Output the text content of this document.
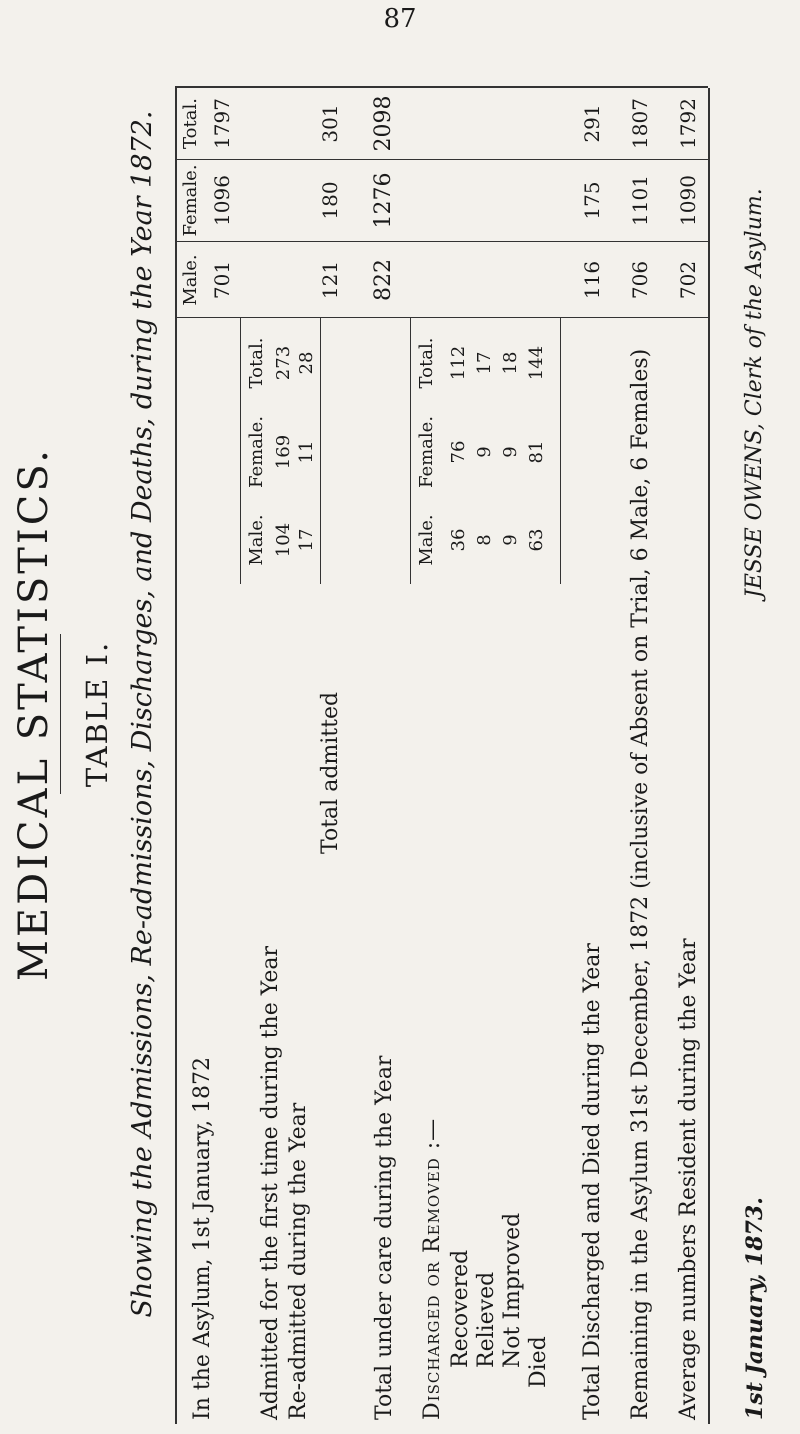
87
MEDICAL STATISTICS. TABLE I. Showing the Admissions, Re-admissions, Discharges, and Deaths, during the Year 1872. Male.
Female.
Total.
In the Asylum, 1st January, 1872
701
1096
1797
Male.
Female.
Total.
104 17
169 11
273 28
Admitted for the first time during the Year Re-admitted during the Year
Total admitted
121
180
301
Total under care during the Year
822
1276
2098
Discharged or Removed :— Recovered Relieved Not Improved Died
Male.
Female.
Total.
36 8 9 63
76 9 9 81
112 17 18 144
Total Discharged and Died during the Year
116
175
291
Remaining in the Asylum 31st December, 1872 (inclusive of Absent on Trial, 6 Male, 6 Females)
706
1101
1807
Average numbers Resident during the Year
702
1090
1792
1st January, 1873.
JESSE OWENS, Clerk of the Asylum.
